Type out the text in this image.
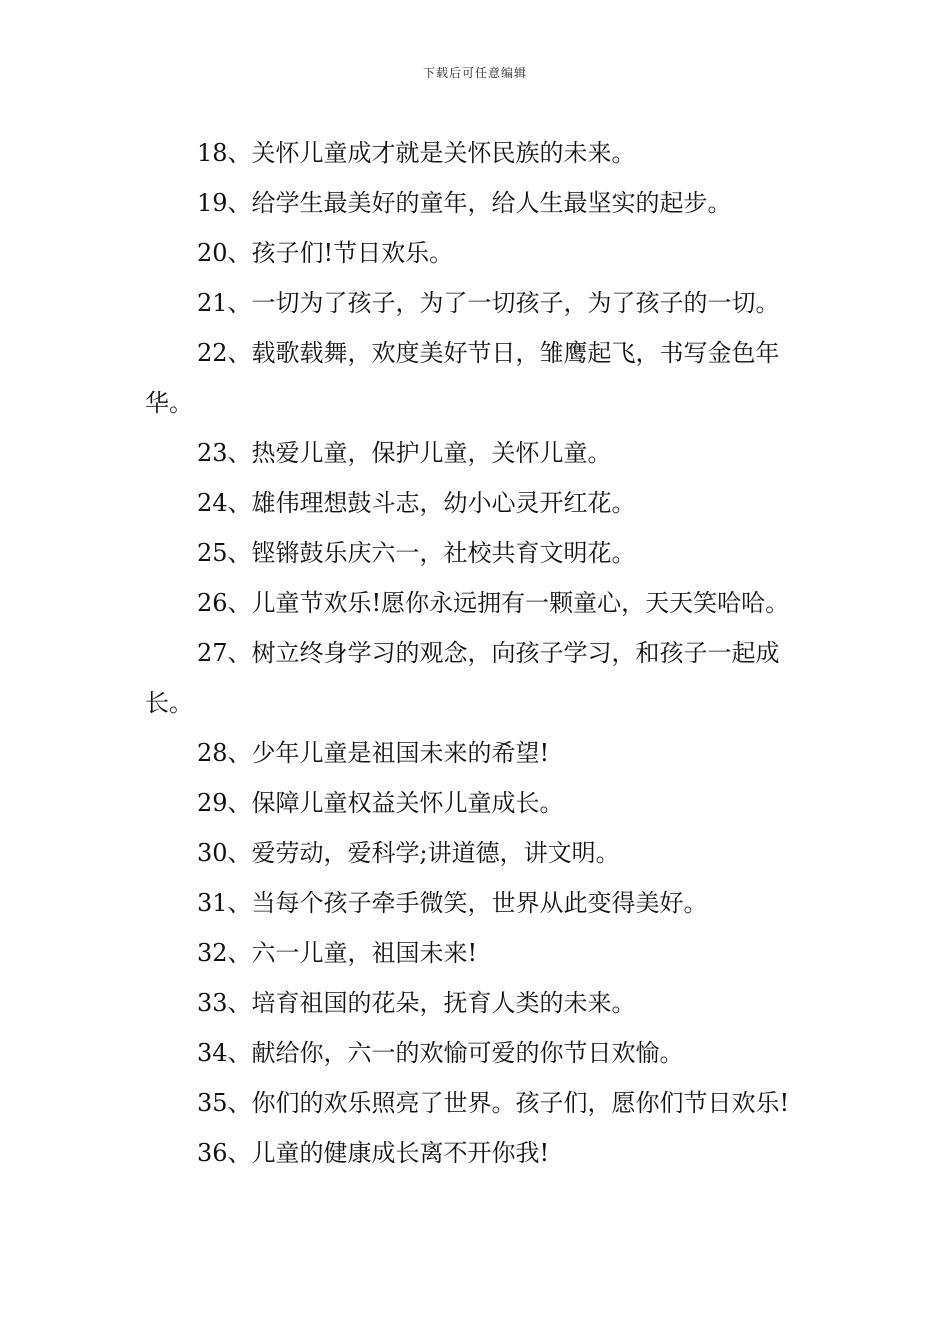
下载后可任意编辑

18、关怀儿童成才就是关怀民族的未来。

19、给学生最美好的童年，给人生最坚实的起步。

20、孩子们!节日欢乐。

21、一切为了孩子，为了一切孩子，为了孩子的一切。

22、载歌载舞，欢度美好节日，雏鹰起飞，书写金色年华。

23、热爱儿童，保护儿童，关怀儿童。

24、雄伟理想鼓斗志，幼小心灵开红花。

25、铿锵鼓乐庆六一，社校共育文明花。

26、儿童节欢乐!愿你永远拥有一颗童心，天天笑哈哈。

27、树立终身学习的观念，向孩子学习，和孩子一起成长。

28、少年儿童是祖国未来的希望!

29、保障儿童权益关怀儿童成长。

30、爱劳动，爱科学;讲道德，讲文明。

31、当每个孩子牵手微笑，世界从此变得美好。

32、六一儿童，祖国未来!

33、培育祖国的花朵，抚育人类的未来。

34、献给你，六一的欢愉可爱的你节日欢愉。

35、你们的欢乐照亮了世界。孩子们，愿你们节日欢乐!

36、儿童的健康成长离不开你我!
